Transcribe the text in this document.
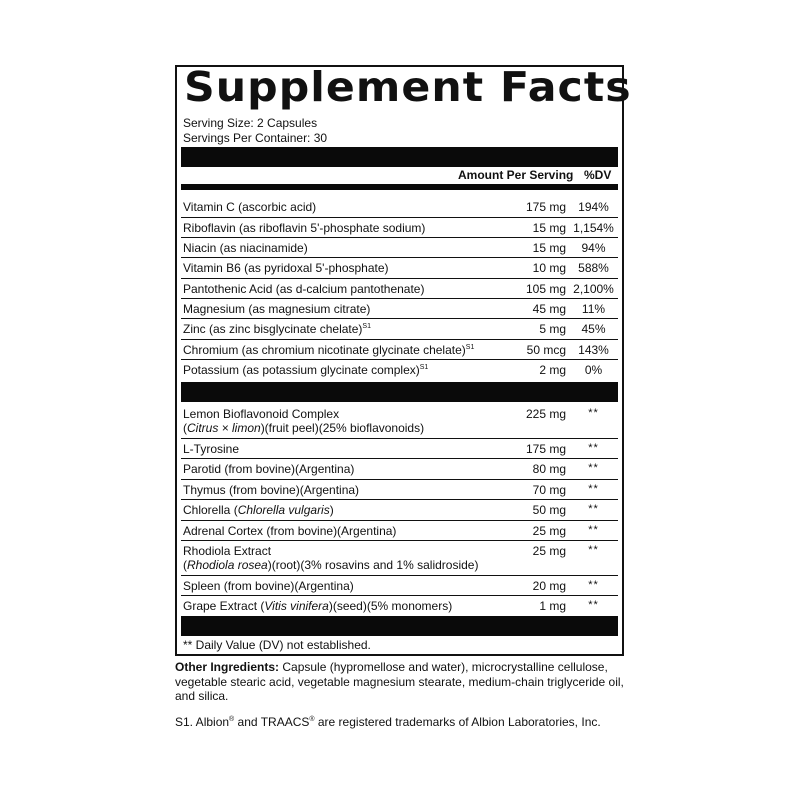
Supplement Facts
Serving Size: 2 Capsules
Servings Per Container: 30
Amount Per Serving %DV
Vitamin C (ascorbic acid)	175 mg	194%
Riboflavin (as riboflavin 5'-phosphate sodium)	15 mg 1,154%
Niacin (as niacinamide)	15 mg	94%
Vitamin B6 (as pyridoxal 5'-phosphate)	10 mg	588%
Pantothenic Acid (as d-calcium pantothenate)	105 mg 2,100%
Magnesium (as magnesium citrate)	45 mg	11%
Zinc (as zinc bisglycinate chelate)$^{S1}$	5 mg	45%
Chromium (as chromium nicotinate glycinate chelate)$^{S1}$	50 mcg	143%
Potassium (as potassium glycinate complex)$^{S1}$	2 mg	0%
Lemon Bioflavonoid Complex
(Citrus × limon)(fruit peel)(25% bioflavonoids)
225 mg	**
L-Tyrosine	175 mg	**
Parotid (from bovine)(Argentina)	80 mg	**
Thymus (from bovine)(Argentina)	70 mg	**
Chlorella (Chlorella vulgaris)	50 mg	**
Adrenal Cortex (from bovine)(Argentina)	25 mg	**
Rhodiola Extract
(Rhodiola rosea)(root)(3% rosavins and 1% salidroside)
25 mg	**
Spleen (from bovine)(Argentina)	20 mg	**
Grape Extract (Vitis vinifera)(seed)(5% monomers)	1 mg	**
** Daily Value (DV) not established.
Other Ingredients: Capsule (hypromellose and water), microcrystalline cellulose, vegetable stearic acid, vegetable magnesium stearate, medium-chain triglyceride oil, and silica.
S1. Albion® and TRAACS® are registered trademarks of Albion Laboratories, Inc.
